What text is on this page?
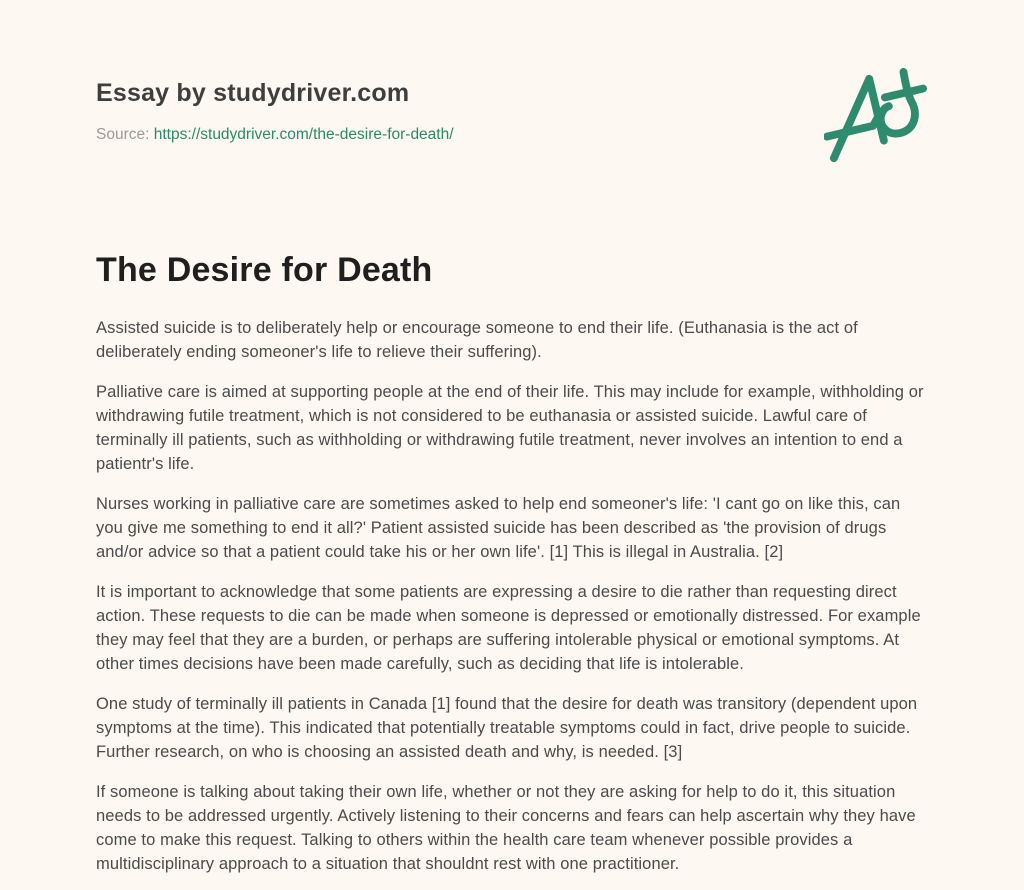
Essay by studydriver.com
Source: https://studydriver.com/the-desire-for-death/
The Desire for Death

Assisted suicide is to deliberately help or encourage someone to end their life. (Euthanasia is the act of deliberately ending someoner's life to relieve their suffering).

Palliative care is aimed at supporting people at the end of their life. This may include for example, withholding or withdrawing futile treatment, which is not considered to be euthanasia or assisted suicide. Lawful care of terminally ill patients, such as withholding or withdrawing futile treatment, never involves an intention to end a patientr's life.

Nurses working in palliative care are sometimes asked to help end someoner's life: 'I cant go on like this, can you give me something to end it all?' Patient assisted suicide has been described as 'the provision of drugs and/or advice so that a patient could take his or her own life'. [1] This is illegal in Australia. [2]

It is important to acknowledge that some patients are expressing a desire to die rather than requesting direct action. These requests to die can be made when someone is depressed or emotionally distressed. For example they may feel that they are a burden, or perhaps are suffering intolerable physical or emotional symptoms. At other times decisions have been made carefully, such as deciding that life is intolerable.

One study of terminally ill patients in Canada [1] found that the desire for death was transitory (dependent upon symptoms at the time). This indicated that potentially treatable symptoms could in fact, drive people to suicide. Further research, on who is choosing an assisted death and why, is needed. [3]

If someone is talking about taking their own life, whether or not they are asking for help to do it, this situation needs to be addressed urgently. Actively listening to their concerns and fears can help ascertain why they have come to make this request. Talking to others within the health care team whenever possible provides a multidisciplinary approach to a situation that shouldnt rest with one practitioner.
